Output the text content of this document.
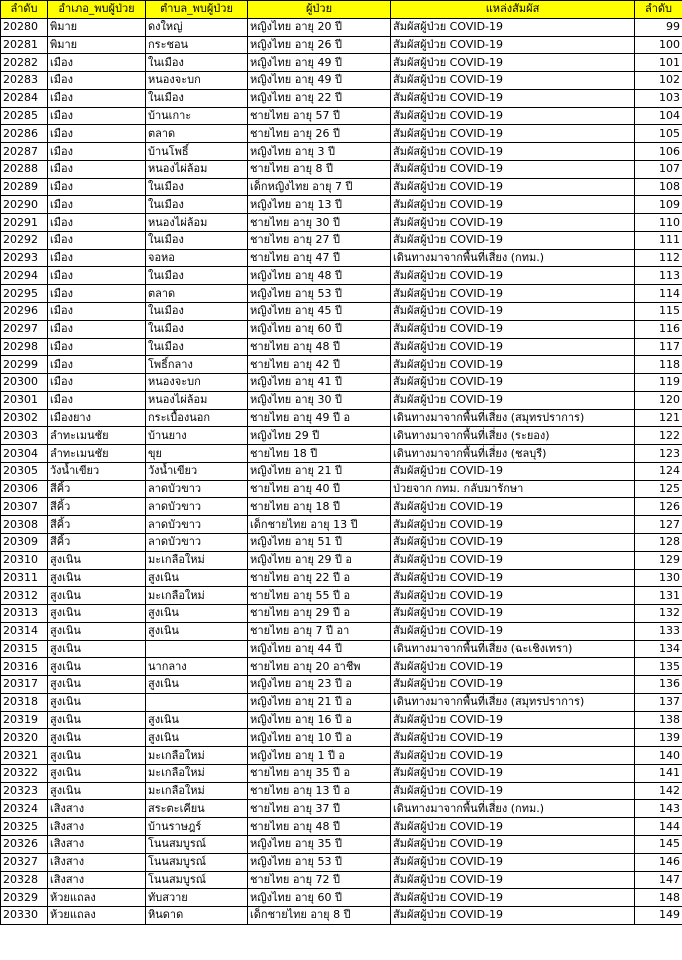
ลำดับ	อำเภอ_พบผู้ป่วย	ตำบล_พบผู้ป่วย	ผู้ป่วย	แหล่งสัมผัส	ลำดับ
20280	พิมาย	ดงใหญ่	หญิงไทย อายุ 20 ปี	สัมผัสผู้ป่วย COVID-19	99
20281	พิมาย	กระชอน	หญิงไทย อายุ 26 ปี	สัมผัสผู้ป่วย COVID-19	100
20282	เมือง	ในเมือง	หญิงไทย อายุ 49 ปี	สัมผัสผู้ป่วย COVID-19	101
20283	เมือง	หนองจะบก	หญิงไทย อายุ 49 ปี	สัมผัสผู้ป่วย COVID-19	102
20284	เมือง	ในเมือง	หญิงไทย อายุ 22 ปี	สัมผัสผู้ป่วย COVID-19	103
20285	เมือง	บ้านเกาะ	ชายไทย อายุ 57 ปี	สัมผัสผู้ป่วย COVID-19	104
20286	เมือง	ตลาด	ชายไทย อายุ 26 ปี	สัมผัสผู้ป่วย COVID-19	105
20287	เมือง	บ้านโพธิ์	หญิงไทย อายุ 3 ปี	สัมผัสผู้ป่วย COVID-19	106
20288	เมือง	หนองไผ่ล้อม	ชายไทย อายุ 8 ปี	สัมผัสผู้ป่วย COVID-19	107
20289	เมือง	ในเมือง	เด็กหญิงไทย อายุ 7 ปี	สัมผัสผู้ป่วย COVID-19	108
20290	เมือง	ในเมือง	หญิงไทย อายุ 13 ปี	สัมผัสผู้ป่วย COVID-19	109
20291	เมือง	หนองไผ่ล้อม	ชายไทย อายุ 30 ปี	สัมผัสผู้ป่วย COVID-19	110
20292	เมือง	ในเมือง	ชายไทย อายุ 27 ปี	สัมผัสผู้ป่วย COVID-19	111
20293	เมือง	จอหอ	ชายไทย อายุ 47 ปี	เดินทางมาจากพื้นที่เสี่ยง (กทม.)	112
20294	เมือง	ในเมือง	หญิงไทย อายุ 48 ปี	สัมผัสผู้ป่วย COVID-19	113
20295	เมือง	ตลาด	หญิงไทย อายุ 53 ปี	สัมผัสผู้ป่วย COVID-19	114
20296	เมือง	ในเมือง	หญิงไทย อายุ 45 ปี	สัมผัสผู้ป่วย COVID-19	115
20297	เมือง	ในเมือง	หญิงไทย อายุ 60 ปี	สัมผัสผู้ป่วย COVID-19	116
20298	เมือง	ในเมือง	ชายไทย อายุ 48 ปี	สัมผัสผู้ป่วย COVID-19	117
20299	เมือง	โพธิ์กลาง	ชายไทย อายุ 42 ปี	สัมผัสผู้ป่วย COVID-19	118
20300	เมือง	หนองจะบก	หญิงไทย อายุ 41 ปี	สัมผัสผู้ป่วย COVID-19	119
20301	เมือง	หนองไผ่ล้อม	หญิงไทย อายุ 30 ปี	สัมผัสผู้ป่วย COVID-19	120
20302	เมืองยาง	กระเบื้องนอก	ชายไทย อายุ 49 ปี อ	เดินทางมาจากพื้นที่เสี่ยง (สมุทรปราการ)	121
20303	ลำทะเมนชัย	บ้านยาง	หญิงไทย 29 ปี	เดินทางมาจากพื้นที่เสี่ยง (ระยอง)	122
20304	ลำทะเมนชัย	ขุย	ชายไทย 18 ปี	เดินทางมาจากพื้นที่เสี่ยง (ชลบุรี)	123
20305	วังน้ำเขียว	วังน้ำเขียว	หญิงไทย อายุ 21 ปี	สัมผัสผู้ป่วย COVID-19	124
20306	สีคิ้ว	ลาดบัวขาว	ชายไทย อายุ 40 ปี	ป่วยจาก กทม. กลับมารักษา	125
20307	สีคิ้ว	ลาดบัวขาว	ชายไทย อายุ 18 ปี	สัมผัสผู้ป่วย COVID-19	126
20308	สีคิ้ว	ลาดบัวขาว	เด็กชายไทย อายุ 13 ปี	สัมผัสผู้ป่วย COVID-19	127
20309	สีคิ้ว	ลาดบัวขาว	หญิงไทย อายุ 51 ปี	สัมผัสผู้ป่วย COVID-19	128
20310	สูงเนิน	มะเกลือใหม่	หญิงไทย อายุ 29 ปี อ	สัมผัสผู้ป่วย COVID-19	129
20311	สูงเนิน	สูงเนิน	ชายไทย อายุ 22 ปี อ	สัมผัสผู้ป่วย COVID-19	130
20312	สูงเนิน	มะเกลือใหม่	ชายไทย อายุ 55 ปี อ	สัมผัสผู้ป่วย COVID-19	131
20313	สูงเนิน	สูงเนิน	ชายไทย อายุ 29 ปี อ	สัมผัสผู้ป่วย COVID-19	132
20314	สูงเนิน	สูงเนิน	ชายไทย อายุ 7 ปี อา	สัมผัสผู้ป่วย COVID-19	133
20315	สูงเนิน		หญิงไทย อายุ 44 ปี	เดินทางมาจากพื้นที่เสี่ยง (ฉะเชิงเทรา)	134
20316	สูงเนิน	นากลาง	ชายไทย อายุ 20 อาชีพ	สัมผัสผู้ป่วย COVID-19	135
20317	สูงเนิน	สูงเนิน	หญิงไทย อายุ 23 ปี อ	สัมผัสผู้ป่วย COVID-19	136
20318	สูงเนิน		หญิงไทย อายุ 21 ปี อ	เดินทางมาจากพื้นที่เสี่ยง (สมุทรปราการ)	137
20319	สูงเนิน	สูงเนิน	หญิงไทย อายุ 16 ปี อ	สัมผัสผู้ป่วย COVID-19	138
20320	สูงเนิน	สูงเนิน	หญิงไทย อายุ 10 ปี อ	สัมผัสผู้ป่วย COVID-19	139
20321	สูงเนิน	มะเกลือใหม่	หญิงไทย อายุ 1 ปี อ	สัมผัสผู้ป่วย COVID-19	140
20322	สูงเนิน	มะเกลือใหม่	ชายไทย อายุ 35 ปี อ	สัมผัสผู้ป่วย COVID-19	141
20323	สูงเนิน	มะเกลือใหม่	ชายไทย อายุ 13 ปี อ	สัมผัสผู้ป่วย COVID-19	142
20324	เสิงสาง	สระตะเคียน	ชายไทย อายุ 37 ปี	เดินทางมาจากพื้นที่เสี่ยง (กทม.)	143
20325	เสิงสาง	บ้านราษฎร์	ชายไทย อายุ 48 ปี	สัมผัสผู้ป่วย COVID-19	144
20326	เสิงสาง	โนนสมบูรณ์	หญิงไทย อายุ 35 ปี	สัมผัสผู้ป่วย COVID-19	145
20327	เสิงสาง	โนนสมบูรณ์	หญิงไทย อายุ 53 ปี	สัมผัสผู้ป่วย COVID-19	146
20328	เสิงสาง	โนนสมบูรณ์	ชายไทย อายุ 72 ปี	สัมผัสผู้ป่วย COVID-19	147
20329	ห้วยแถลง	ทับสวาย	หญิงไทย อายุ 60 ปี	สัมผัสผู้ป่วย COVID-19	148
20330	ห้วยแถลง	หินดาด	เด็กชายไทย อายุ 8 ปี	สัมผัสผู้ป่วย COVID-19	149
